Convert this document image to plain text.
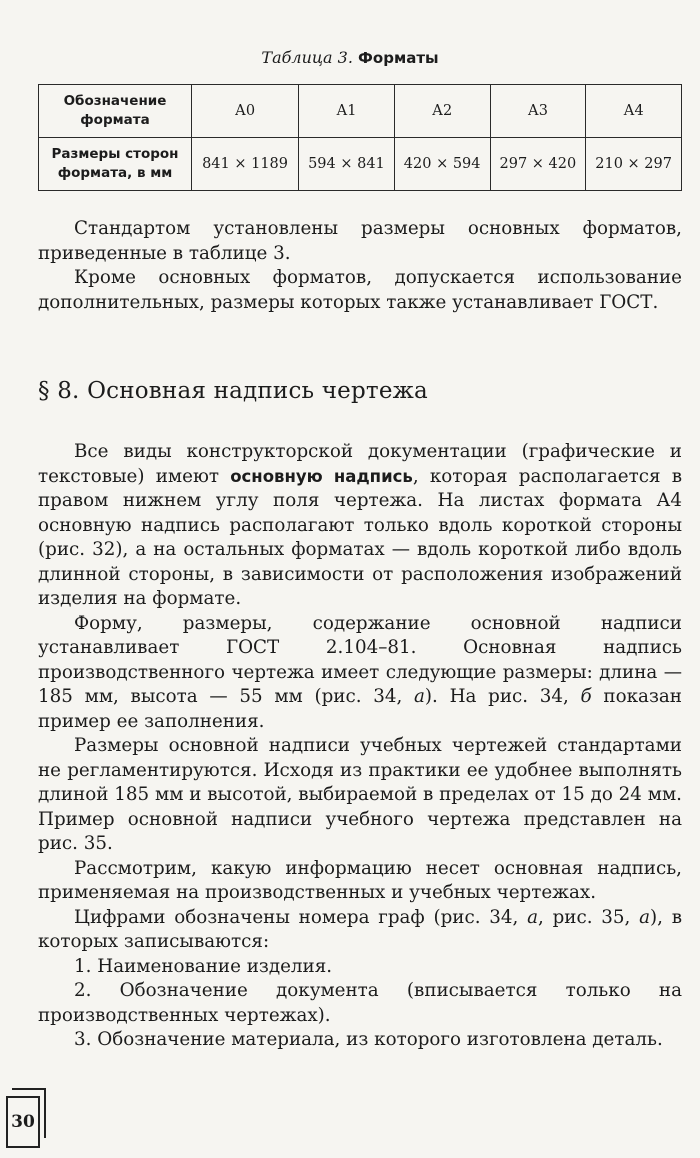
Таблица 3. Форматы
Обозначение формата	А0	А1	А2	А3	А4
Размеры сторон формата, в мм	841 × 1189	594 × 841	420 × 594	297 × 420	210 × 297

Стандартом установлены размеры основных форматов, приведенные в таблице 3.

Кроме основных форматов, допускается использование дополнительных, размеры которых также устанавливает ГОСТ.

§ 8. Основная надпись чертежа

Все виды конструкторской документации (графические и текстовые) имеют основную надпись, которая располагается в правом нижнем углу поля чертежа. На листах формата А4 основную надпись располагают только вдоль короткой стороны (рис. 32), а на остальных форматах — вдоль короткой либо вдоль длинной стороны, в зависимости от расположения изображений изделия на формате.

Форму, размеры, содержание основной надписи устанавливает ГОСТ 2.104–81. Основная надпись производственного чертежа имеет следующие размеры: длина — 185 мм, высота — 55 мм (рис. 34, а). На рис. 34, б показан пример ее заполнения.

Размеры основной надписи учебных чертежей стандартами не регламентируются. Исходя из практики ее удобнее выполнять длиной 185 мм и высотой, выбираемой в пределах от 15 до 24 мм. Пример основной надписи учебного чертежа представлен на рис. 35.

Рассмотрим, какую информацию несет основная надпись, применяемая на производственных и учебных чертежах.

Цифрами обозначены номера граф (рис. 34, а, рис. 35, а), в которых записываются:

1. Наименование изделия.

2. Обозначение документа (вписывается только на производственных чертежах).

3. Обозначение материала, из которого изготовлена деталь.

30
